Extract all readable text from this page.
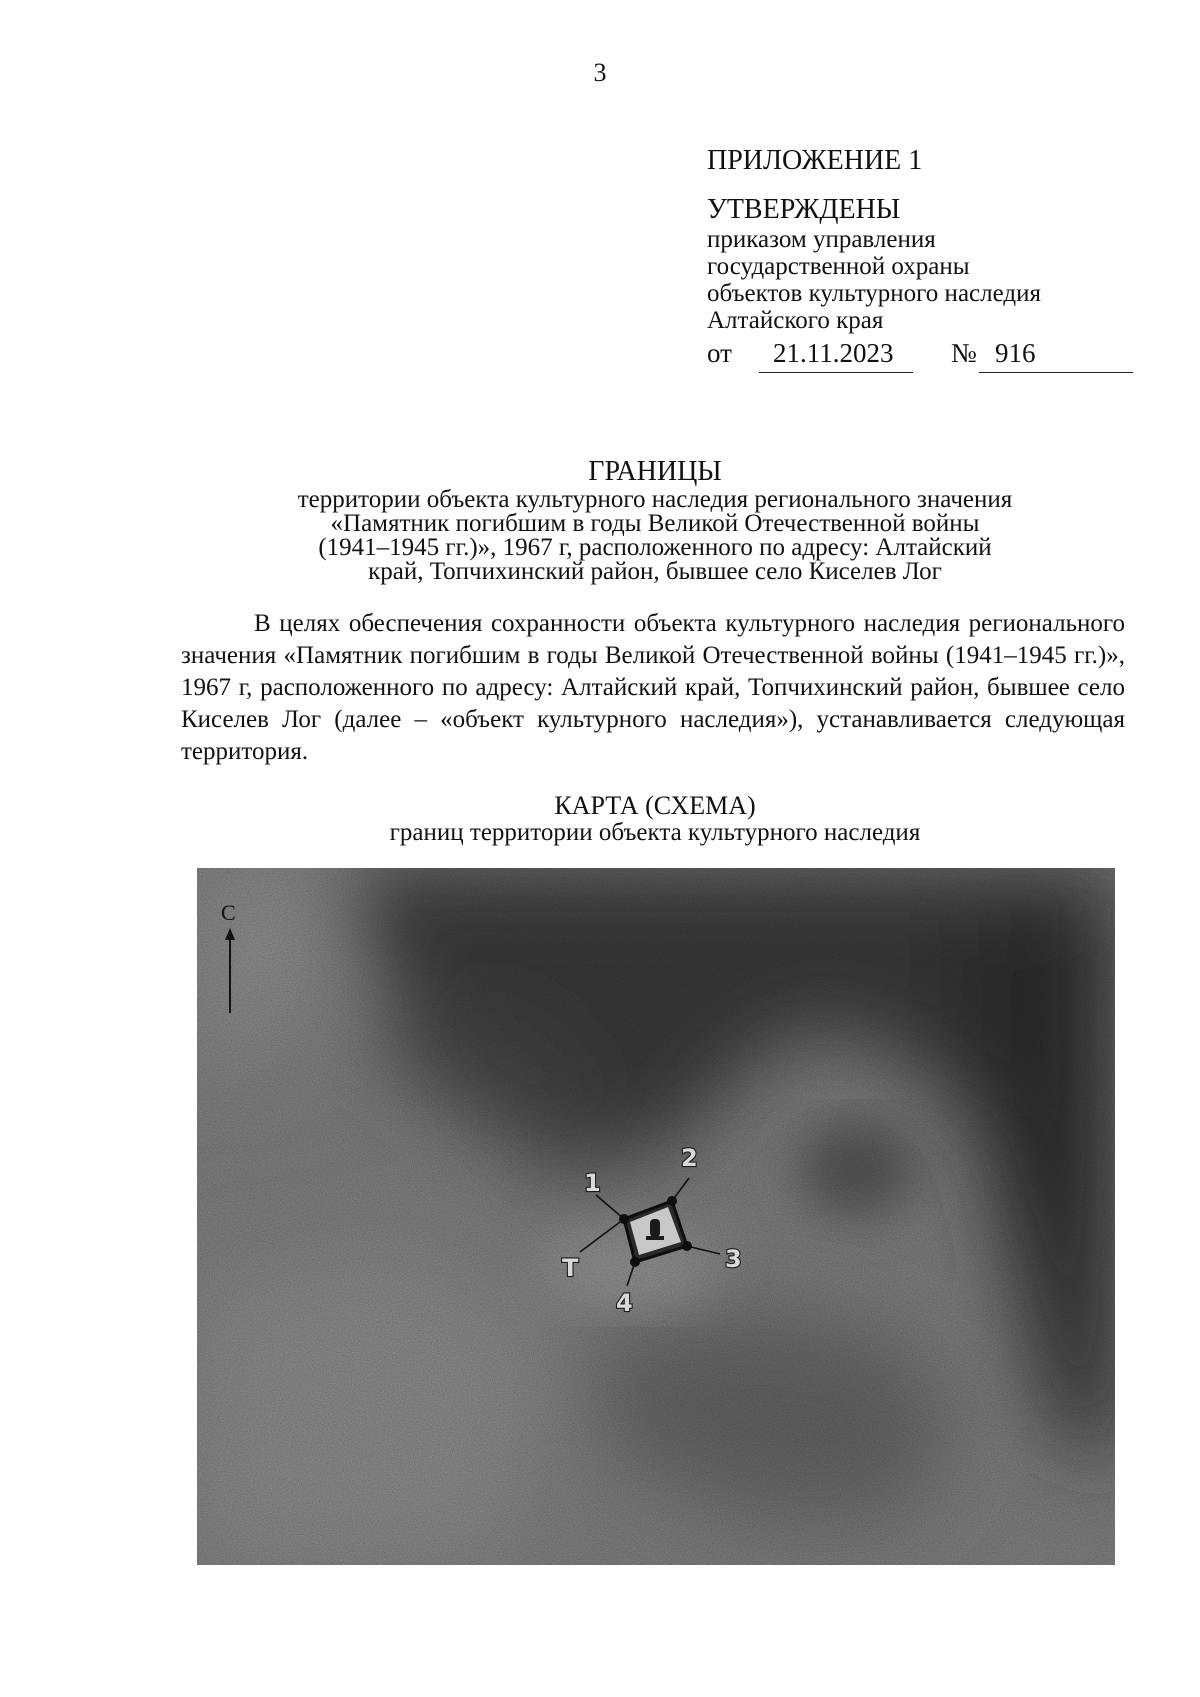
3
ПРИЛОЖЕНИЕ 1
УТВЕРЖДЕНЫ
приказом управления
государственной охраны
объектов культурного наследия
Алтайского края
от 21.11.2023 № 916
ГРАНИЦЫ
территории объекта культурного наследия регионального значения
«Памятник погибшим в годы Великой Отечественной войны
(1941–1945 гг.)», 1967 г, расположенного по адресу: Алтайский
край, Топчихинский район, бывшее село Киселев Лог
В целях обеспечения сохранности объекта культурного наследия регионального значения «Памятник погибшим в годы Великой Отечественной войны (1941–1945 гг.)», 1967 г, расположенного по адресу: Алтайский край, Топчихинский район, бывшее село Киселев Лог (далее – «объект культурного наследия»), устанавливается следующая территория.
КАРТА (СХЕМА)
границ территории объекта культурного наследия
С
1
2
3
4
T
